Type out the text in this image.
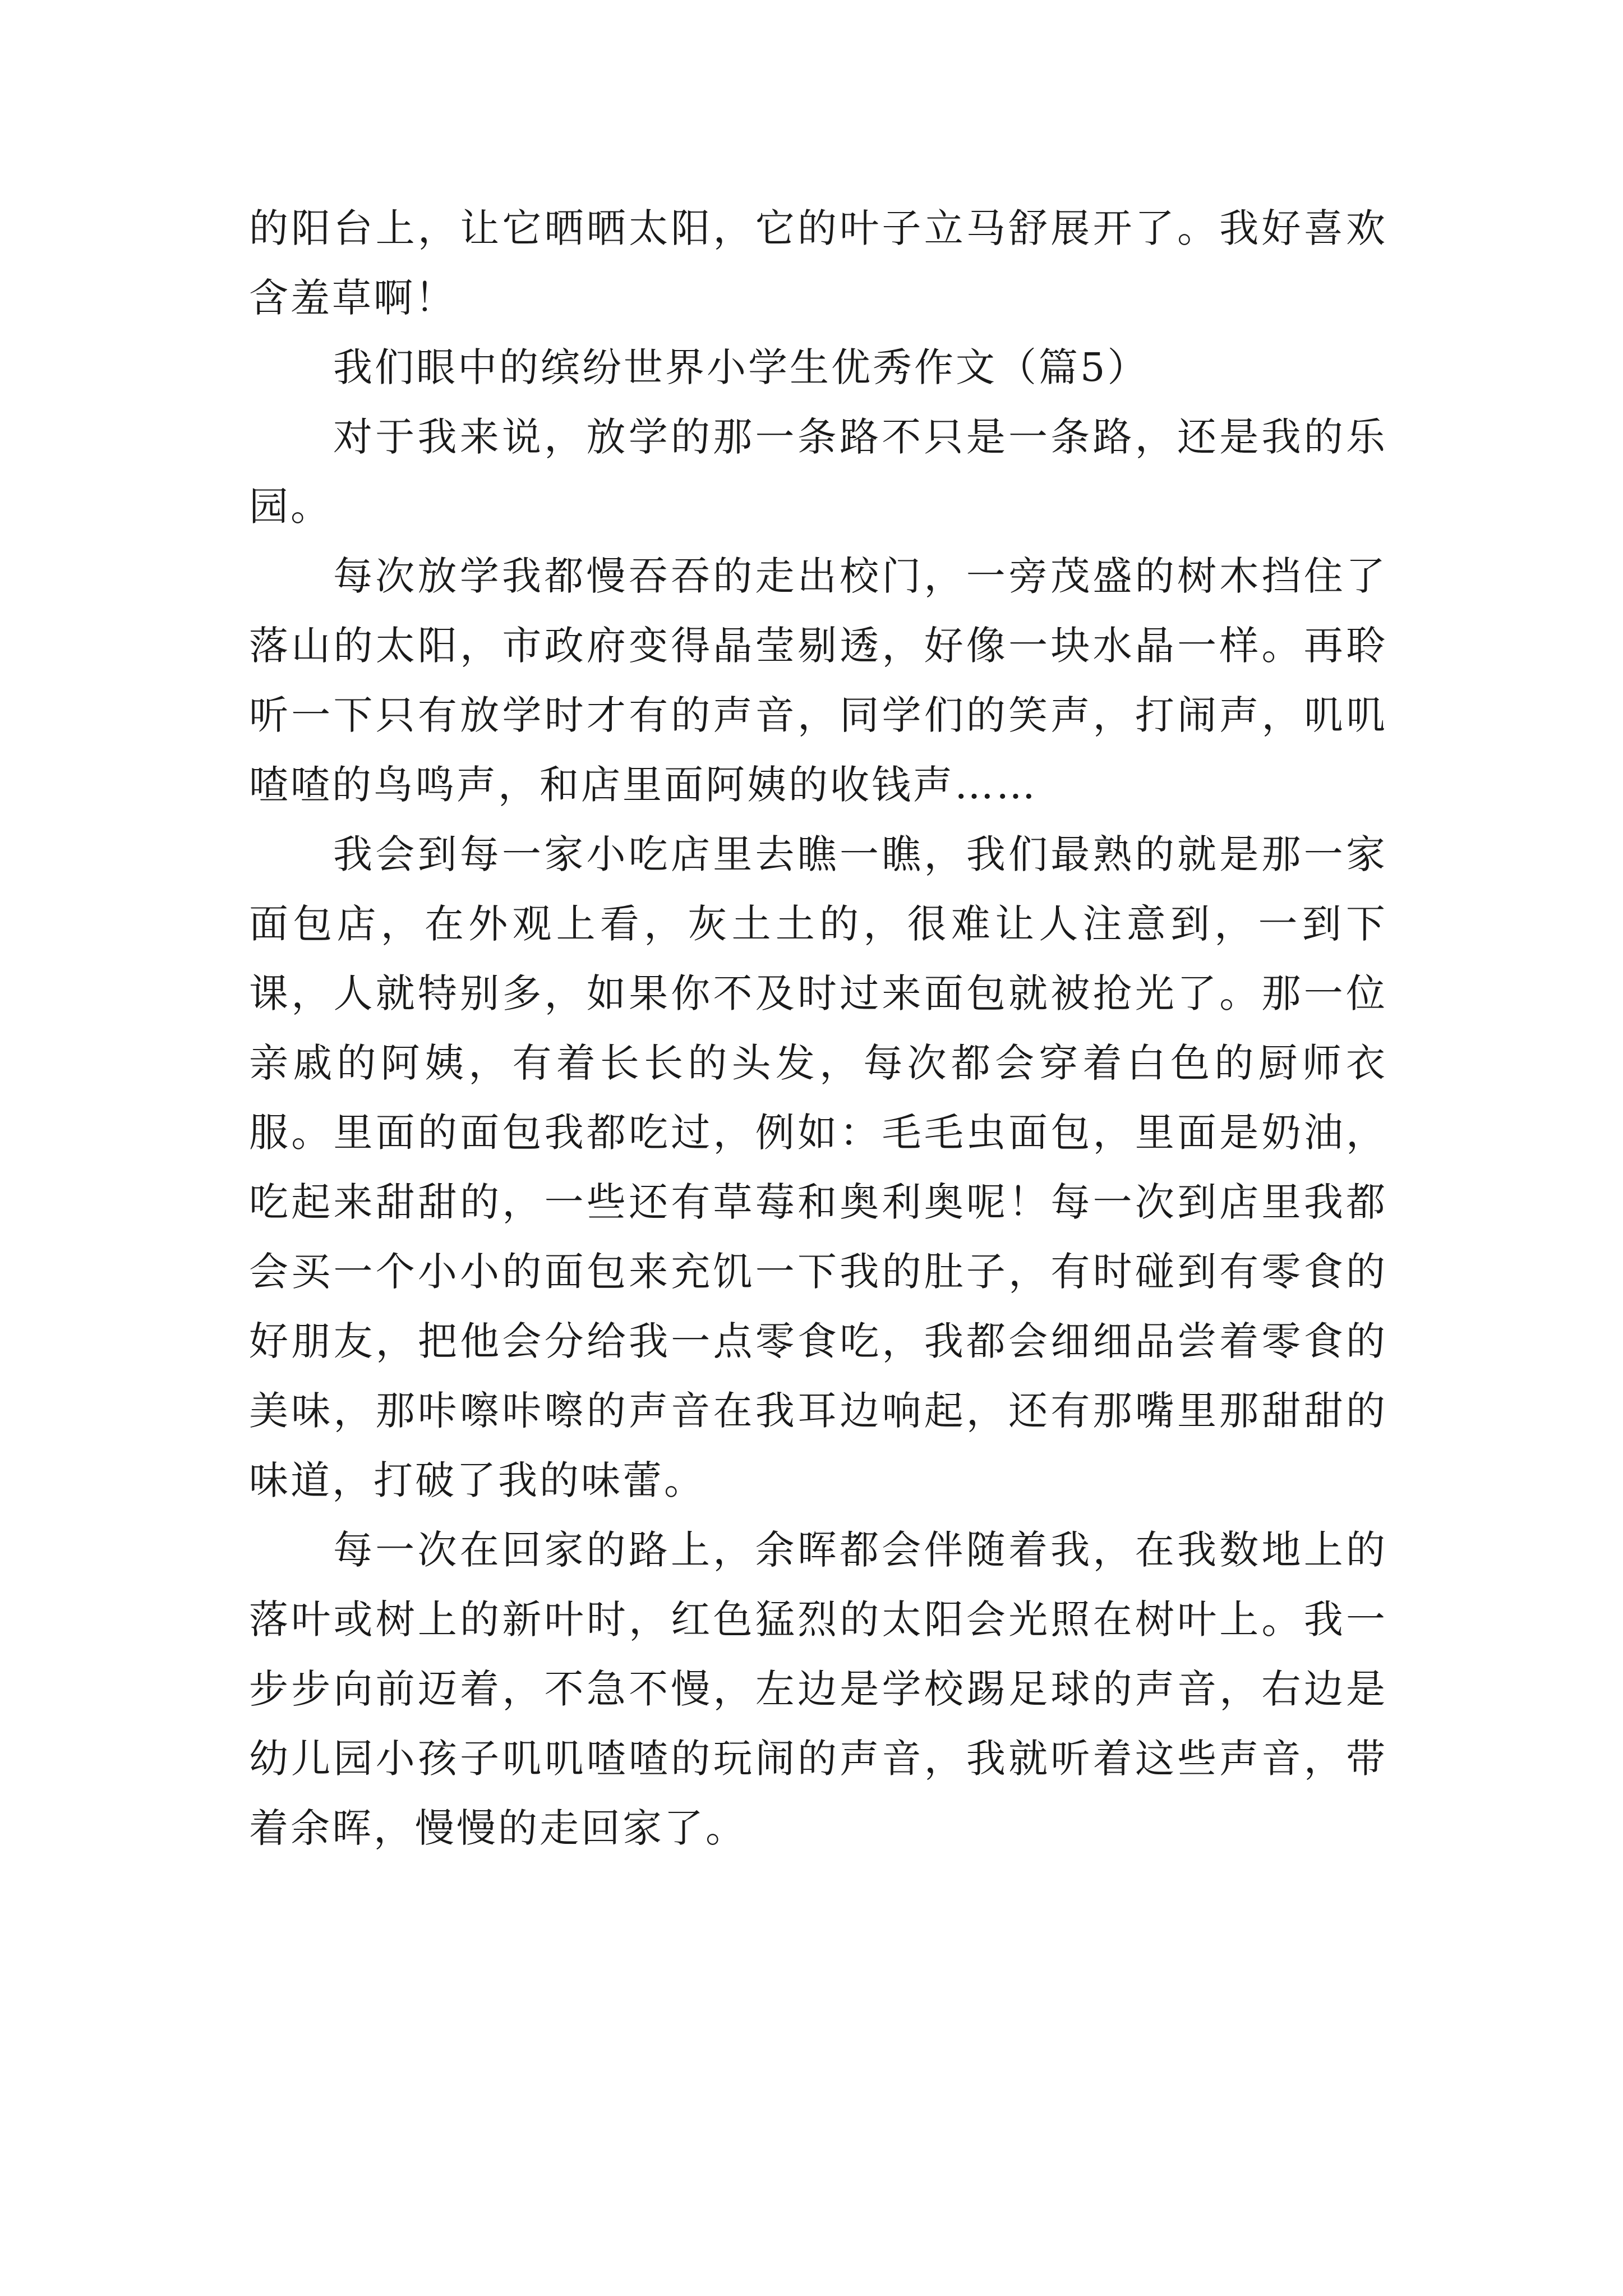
的阳台上，让它晒晒太阳，它的叶子立马舒展开了。我好喜欢含羞草啊！

我们眼中的缤纷世界小学生优秀作文（篇5）

对于我来说，放学的那一条路不只是一条路，还是我的乐园。

每次放学我都慢吞吞的走出校门，一旁茂盛的树木挡住了落山的太阳，市政府变得晶莹剔透，好像一块水晶一样。再聆听一下只有放学时才有的声音，同学们的笑声，打闹声，叽叽喳喳的鸟鸣声，和店里面阿姨的收钱声……

我会到每一家小吃店里去瞧一瞧，我们最熟的就是那一家面包店，在外观上看，灰土土的，很难让人注意到，一到下课，人就特别多，如果你不及时过来面包就被抢光了。那一位亲戚的阿姨，有着长长的头发，每次都会穿着白色的厨师衣服。里面的面包我都吃过，例如：毛毛虫面包，里面是奶油，吃起来甜甜的，一些还有草莓和奥利奥呢！每一次到店里我都会买一个小小的面包来充饥一下我的肚子，有时碰到有零食的好朋友，把他会分给我一点零食吃，我都会细细品尝着零食的美味，那咔嚓咔嚓的声音在我耳边响起，还有那嘴里那甜甜的味道，打破了我的味蕾。

每一次在回家的路上，余晖都会伴随着我，在我数地上的落叶或树上的新叶时，红色猛烈的太阳会光照在树叶上。我一步步向前迈着，不急不慢，左边是学校踢足球的声音，右边是幼儿园小孩子叽叽喳喳的玩闹的声音，我就听着这些声音，带着余晖，慢慢的走回家了。
